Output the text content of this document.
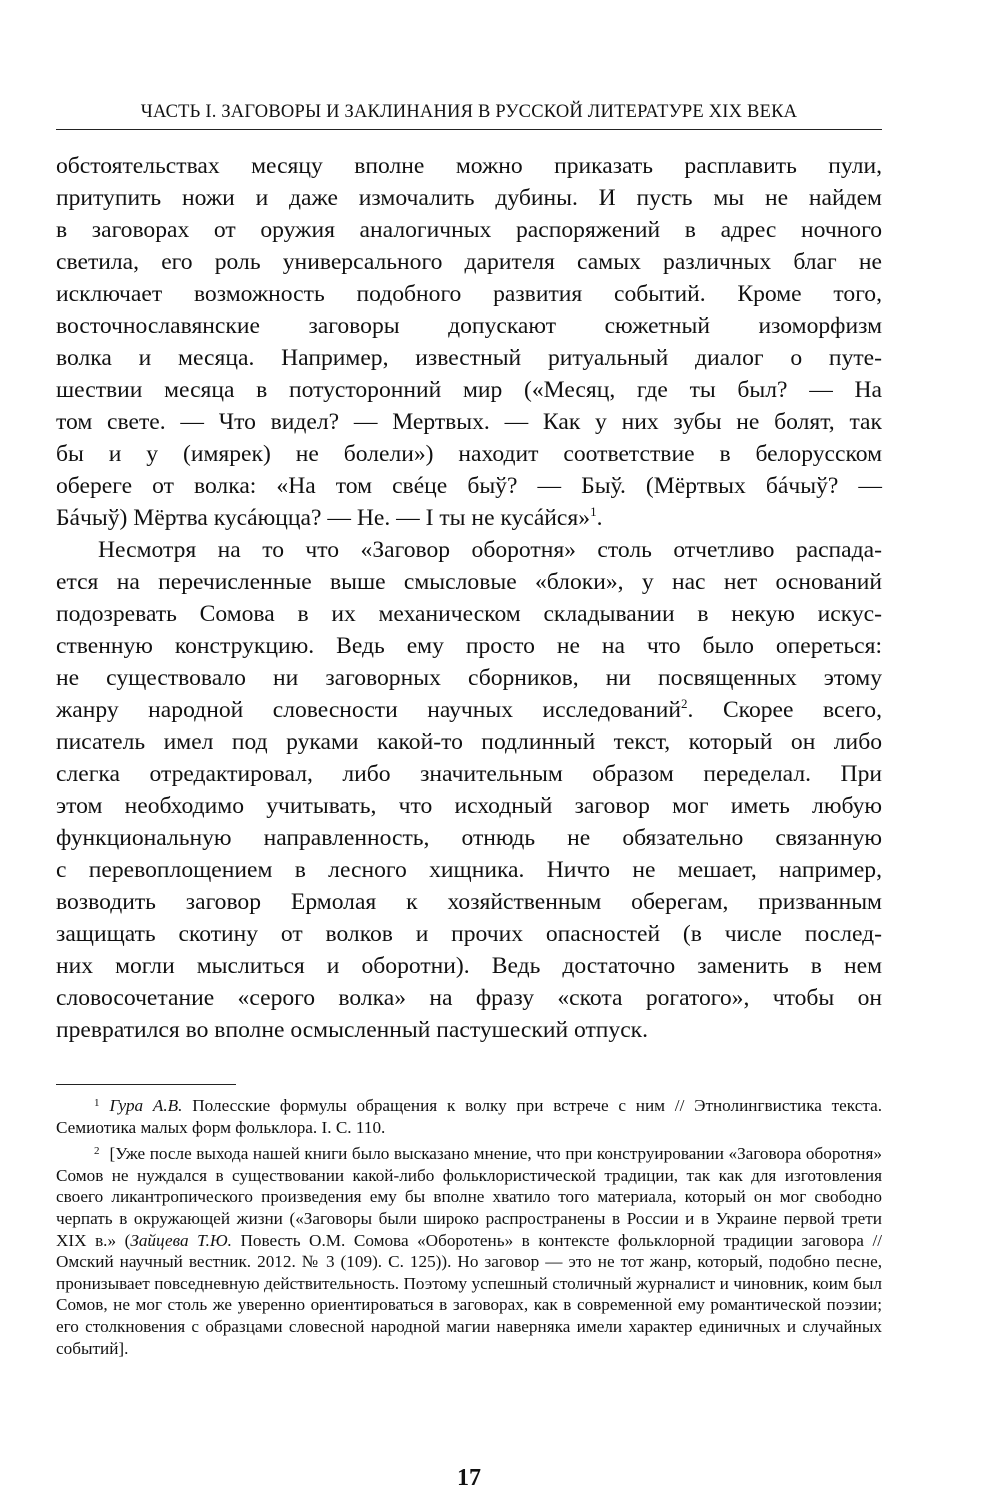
ЧАСТЬ I. ЗАГОВОРЫ И ЗАКЛИНАНИЯ В РУССКОЙ ЛИТЕРАТУРЕ XIX ВЕКА
обстоятельствах месяцу вполне можно приказать расплавить пули,
притупить ножи и даже измочалить дубины. И пусть мы не найдем
в заговорах от оружия аналогичных распоряжений в адрес ночного
светила, его роль универсального дарителя самых различных благ не
исключает возможность подобного развития событий. Кроме того,
восточнославянские заговоры допускают сюжетный изоморфизм
волка и месяца. Например, известный ритуальный диалог о путе-
шествии месяца в потусторонний мир («Месяц, где ты был? — На
том свете. — Что видел? — Мертвых. — Как у них зубы не болят, так
бы и у (имярек) не болели») находит соответствие в белорусском
обереге от волка: «На том свéце быў? — Быў. (Мëртвых бáчыў? —
Бáчыў) Мëртва кусáюцца? — Не. — I ты не кусáйся»$^1$.
Несмотря на то что «Заговор оборотня» столь отчетливо распада-
ется на перечисленные выше смысловые «блоки», у нас нет оснований
подозревать Сомова в их механическом складывании в некую искус-
ственную конструкцию. Ведь ему просто не на что было опереться:
не существовало ни заговорных сборников, ни посвященных этому
жанру народной словесности научных исследований$^2$. Скорее всего,
писатель имел под руками какой-то подлинный текст, который он либо
слегка отредактировал, либо значительным образом переделал. При
этом необходимо учитывать, что исходный заговор мог иметь любую
функциональную направленность, отнюдь не обязательно связанную
с перевоплощением в лесного хищника. Ничто не мешает, например,
возводить заговор Ермолая к хозяйственным оберегам, призванным
защищать скотину от волков и прочих опасностей (в числе послед-
них могли мыслиться и оборотни). Ведь достаточно заменить в нем
словосочетание «серого волка» на фразу «скота рогатого», чтобы он
превратился во вполне осмысленный пастушеский отпуск.

$^1$ Гура А.В. Полесские формулы обращения к волку при встрече с ним // Этнолингвистика текста. Семиотика малых форм фольклора. I. С. 110.

$^2$ [Уже после выхода нашей книги было высказано мнение, что при конструировании «Заговора оборотня» Сомов не нуждался в существовании какой-либо фольклористической традиции, так как для изготовления своего ликантропического произведения ему бы вполне хватило того материала, который он мог свободно черпать в окружающей жизни («Заговоры были широко распространены в России и в Украине первой трети XIX в.» (Зайцева Т.Ю. Повесть О.М. Сомова «Оборотень» в контексте фольклорной традиции заговора // Омский научный вестник. 2012. № 3 (109). С. 125)). Но заговор — это не тот жанр, который, подобно песне, пронизывает повседневную действительность. Поэтому успешный столичный журналист и чиновник, коим был Сомов, не мог столь же уверенно ориентироваться в заговорах, как в современной ему романтической поэзии; его столкновения с образцами словесной народной магии наверняка имели характер единичных и случайных событий].

17
